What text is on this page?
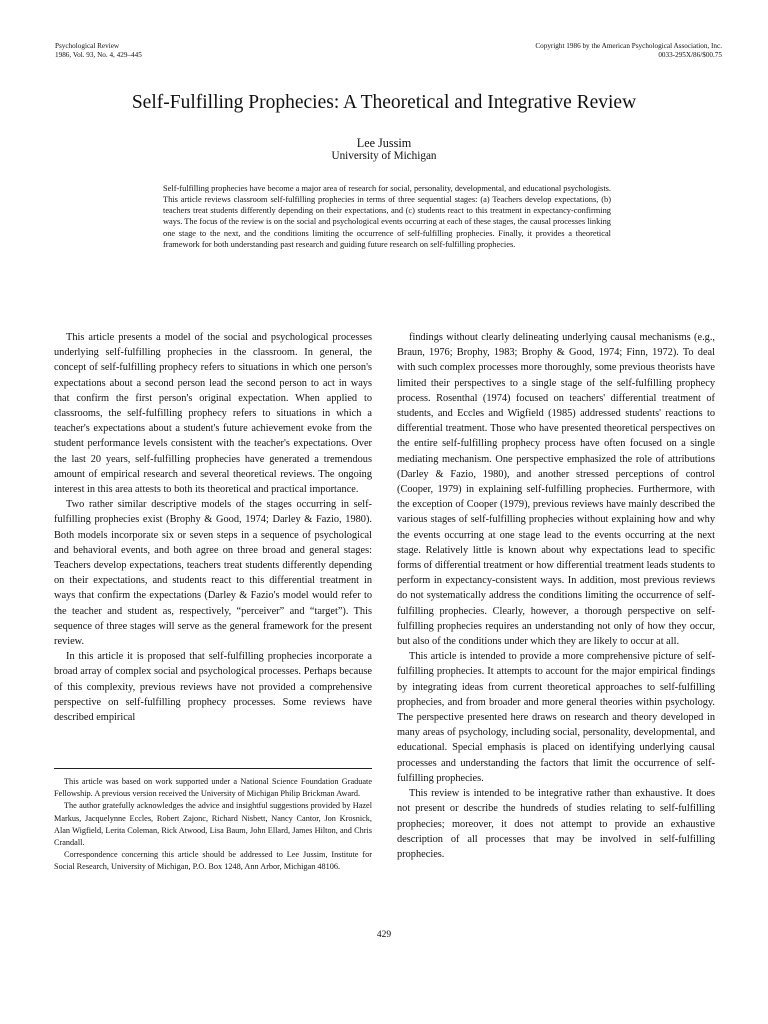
Psychological Review
1986, Vol. 93, No. 4, 429–445
Copyright 1986 by the American Psychological Association, Inc.
0033-295X/86/$00.75
Self-Fulfilling Prophecies: A Theoretical and Integrative Review
Lee Jussim
University of Michigan
Self-fulfilling prophecies have become a major area of research for social, personality, developmental, and educational psychologists. This article reviews classroom self-fulfilling prophecies in terms of three sequential stages: (a) Teachers develop expectations, (b) teachers treat students differently depending on their expectations, and (c) students react to this treatment in expectancy-confirming ways. The focus of the review is on the social and psychological events occurring at each of these stages, the causal processes linking one stage to the next, and the conditions limiting the occurrence of self-fulfilling prophecies. Finally, it provides a theoretical framework for both understanding past research and guiding future research on self-fulfilling prophecies.

This article presents a model of the social and psychological processes underlying self-fulfilling prophecies in the classroom. In general, the concept of self-fulfilling prophecy refers to situations in which one person's expectations about a second person lead the second person to act in ways that confirm the first person's original expectation. When applied to classrooms, the self-fulfilling prophecy refers to situations in which a teacher's expectations about a student's future achievement evoke from the student performance levels consistent with the teacher's expectations. Over the last 20 years, self-fulfilling prophecies have generated a tremendous amount of empirical research and several theoretical reviews. The ongoing interest in this area attests to both its theoretical and practical importance.

Two rather similar descriptive models of the stages occurring in self-fulfilling prophecies exist (Brophy & Good, 1974; Darley & Fazio, 1980). Both models incorporate six or seven steps in a sequence of psychological and behavioral events, and both agree on three broad and general stages: Teachers develop expectations, teachers treat students differently depending on their expectations, and students react to this differential treatment in ways that confirm the expectations (Darley & Fazio's model would refer to the teacher and student as, respectively, “perceiver” and “target”). This sequence of three stages will serve as the general framework for the present review.

In this article it is proposed that self-fulfilling prophecies incorporate a broad array of complex social and psychological processes. Perhaps because of this complexity, previous reviews have not provided a comprehensive perspective on self-fulfilling prophecy processes. Some reviews have described empirical

findings without clearly delineating underlying causal mechanisms (e.g., Braun, 1976; Brophy, 1983; Brophy & Good, 1974; Finn, 1972). To deal with such complex processes more thoroughly, some previous theorists have limited their perspectives to a single stage of the self-fulfilling prophecy process. Rosenthal (1974) focused on teachers' differential treatment of students, and Eccles and Wigfield (1985) addressed students' reactions to differential treatment. Those who have presented theoretical perspectives on the entire self-fulfilling prophecy process have often focused on a single mediating mechanism. One perspective emphasized the role of attributions (Darley & Fazio, 1980), and another stressed perceptions of control (Cooper, 1979) in explaining self-fulfilling prophecies. Furthermore, with the exception of Cooper (1979), previous reviews have mainly described the various stages of self-fulfilling prophecies without explaining how and why the events occurring at one stage lead to the events occurring at the next stage. Relatively little is known about why expectations lead to specific forms of differential treatment or how differential treatment leads students to perform in expectancy-consistent ways. In addition, most previous reviews do not systematically address the conditions limiting the occurrence of self-fulfilling prophecies. Clearly, however, a thorough perspective on self-fulfilling prophecies requires an understanding not only of how they occur, but also of the conditions under which they are likely to occur at all.

This article is intended to provide a more comprehensive picture of self-fulfilling prophecies. It attempts to account for the major empirical findings by integrating ideas from current theoretical approaches to self-fulfilling prophecies, and from broader and more general theories within psychology. The perspective presented here draws on research and theory developed in many areas of psychology, including social, personality, developmental, and educational. Special emphasis is placed on identifying underlying causal processes and understanding the factors that limit the occurrence of self-fulfilling prophecies.

This review is intended to be integrative rather than exhaustive. It does not present or describe the hundreds of studies relating to self-fulfilling prophecies; moreover, it does not attempt to provide an exhaustive description of all processes that may be involved in self-fulfilling prophecies.

This article was based on work supported under a National Science Foundation Graduate Fellowship. A previous version received the University of Michigan Philip Brickman Award.

The author gratefully acknowledges the advice and insightful suggestions provided by Hazel Markus, Jacquelynne Eccles, Robert Zajonc, Richard Nisbett, Nancy Cantor, Jon Krosnick, Alan Wigfield, Lerita Coleman, Rick Atwood, Lisa Baum, John Ellard, James Hilton, and Chris Crandall.

Correspondence concerning this article should be addressed to Lee Jussim, Institute for Social Research, University of Michigan, P.O. Box 1248, Ann Arbor, Michigan 48106.

429
